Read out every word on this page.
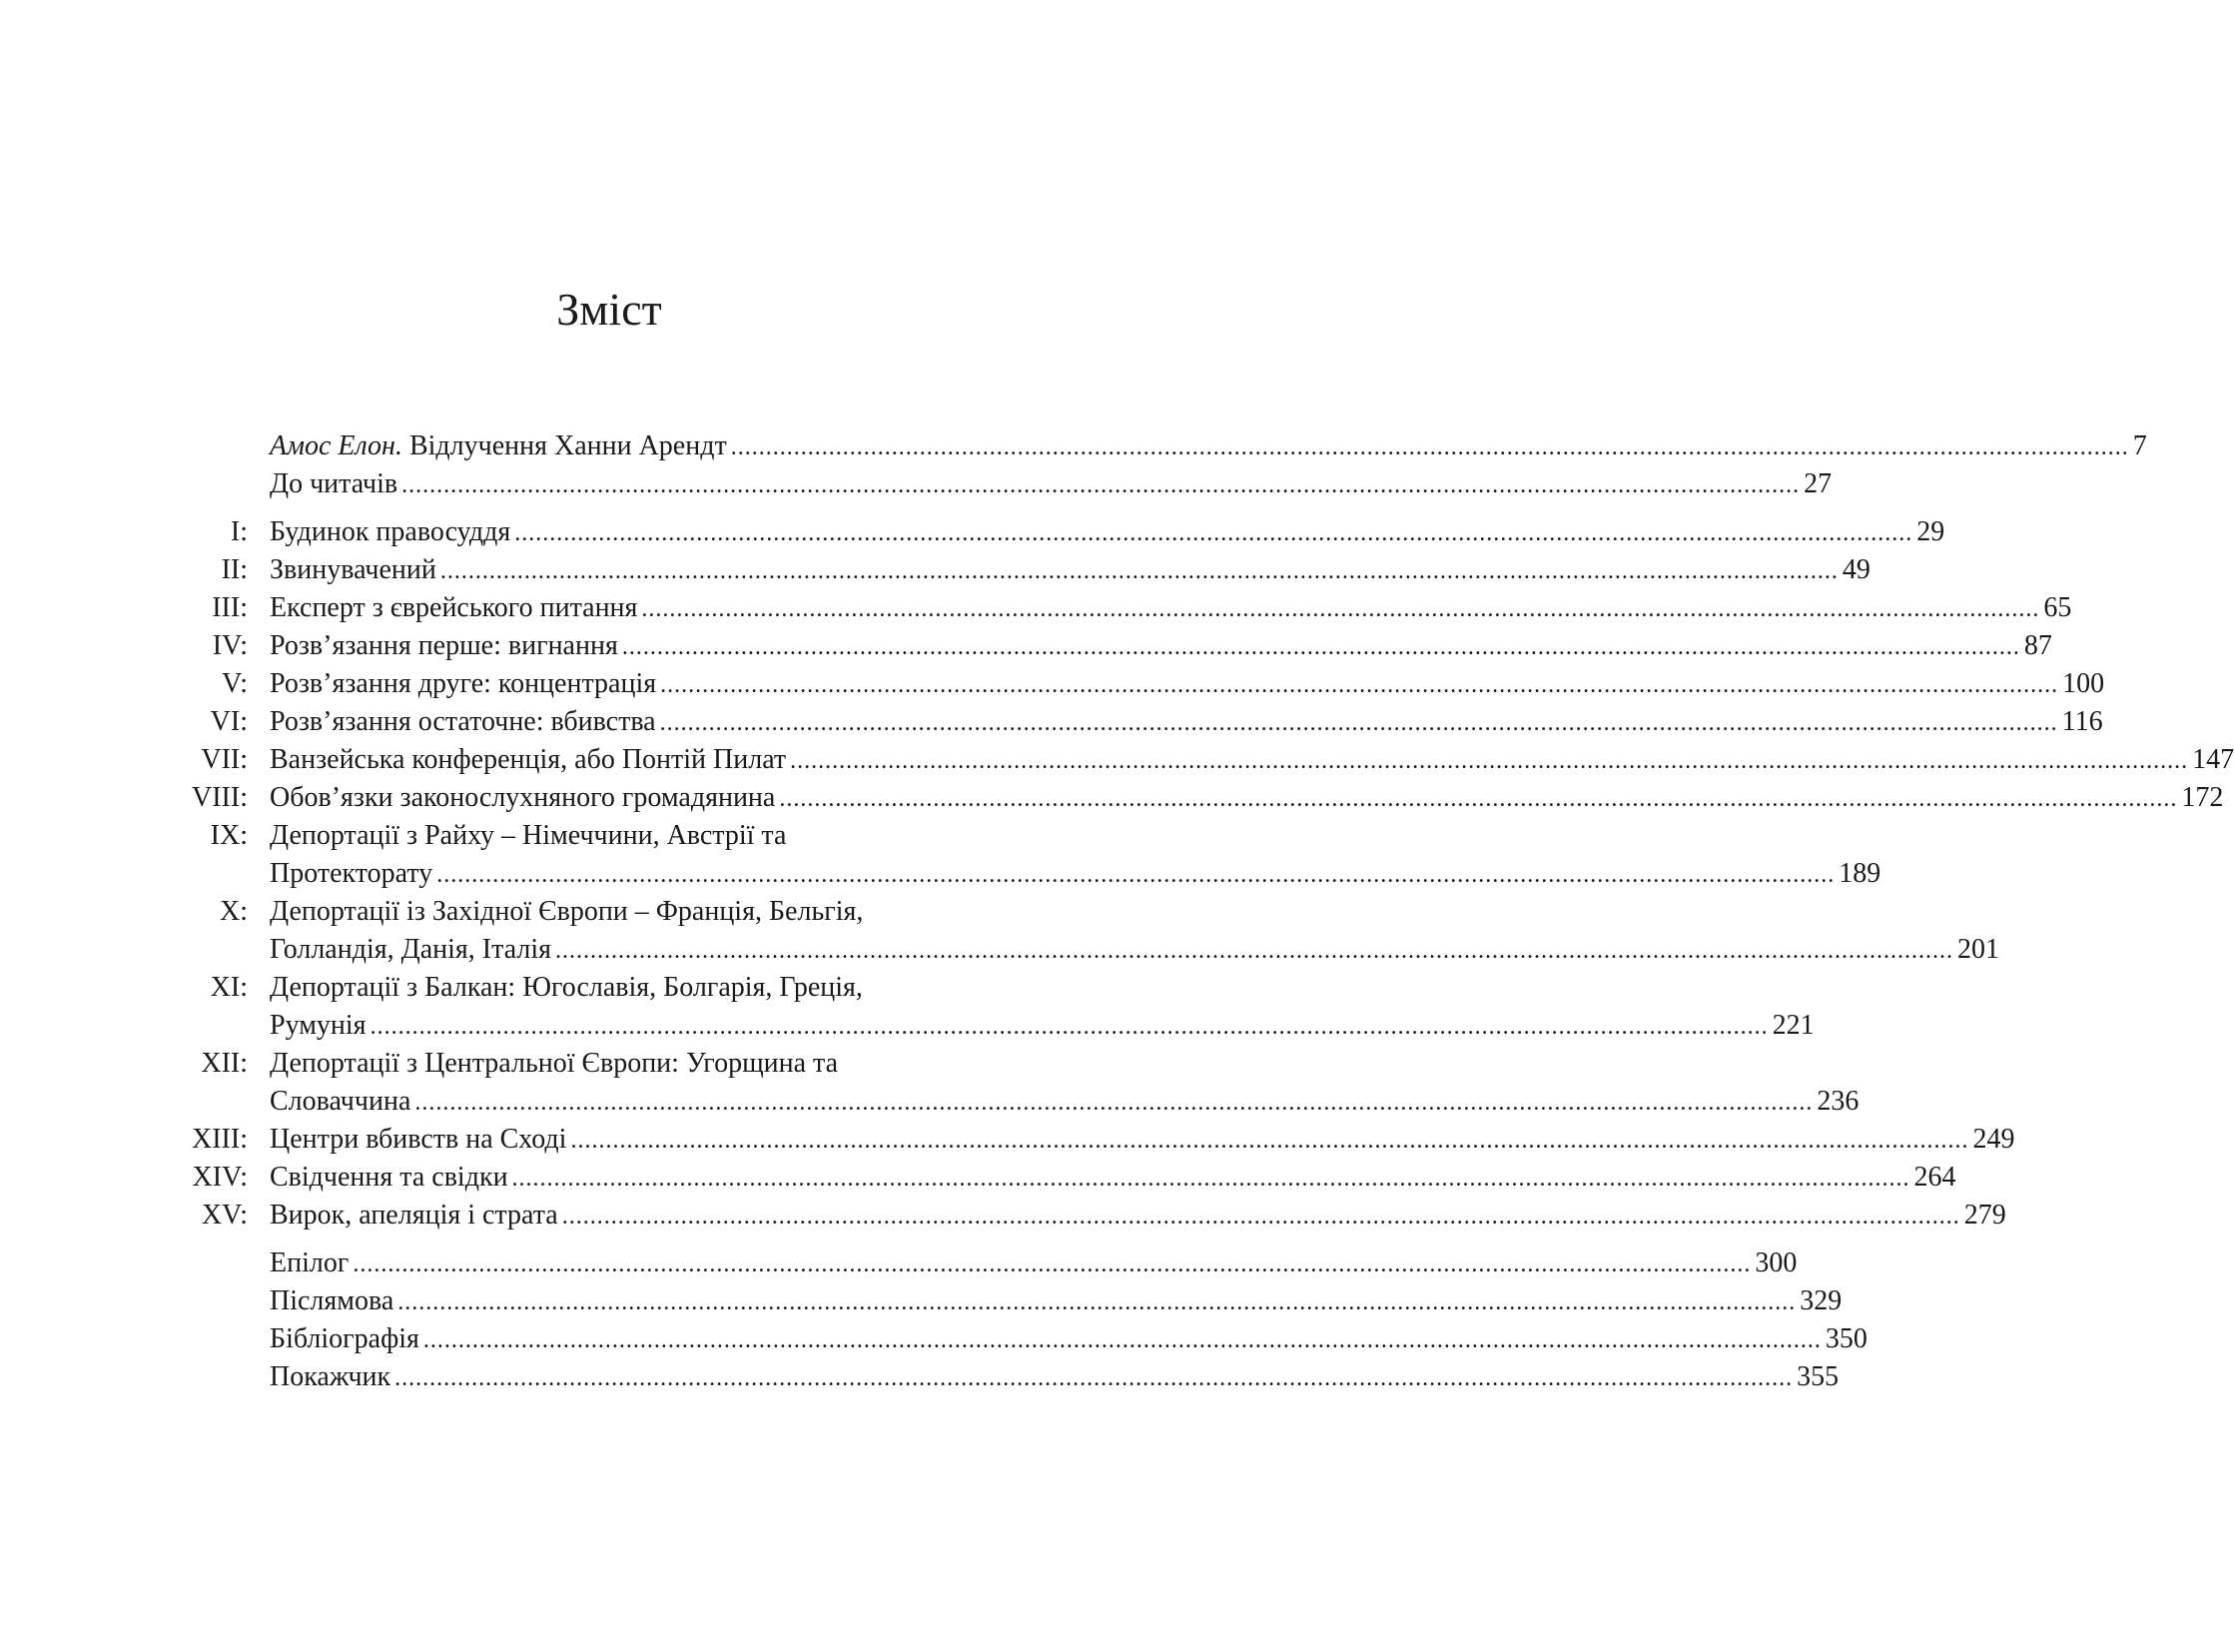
Зміст
Амос Елон. Відлучення Ханни Арендт ........................................................................................................................................................................................................ 7
До читачів ........................................................................................................................................................................................................ 27
I: Будинок правосуддя ........................................................................................................................................................................................................ 29
II: Звинувачений ........................................................................................................................................................................................................ 49
III: Експерт з єврейського питання ........................................................................................................................................................................................................ 65
IV: Розв’язання перше: вигнання ........................................................................................................................................................................................................ 87
V: Розв’язання друге: концентрація ........................................................................................................................................................................................................ 100
VI: Розв’язання остаточне: вбивства ........................................................................................................................................................................................................ 116
VII: Ванзейська конференція, або Понтій Пилат ........................................................................................................................................................................................................ 147
VIII: Обов’язки законослухняного громадянина ........................................................................................................................................................................................................ 172
IX: Депортації з Райху – Німеччини, Австрії та
Протекторату ........................................................................................................................................................................................................ 189
X: Депортації із Західної Європи – Франція, Бельгія,
Голландія, Данія, Італія ........................................................................................................................................................................................................ 201
XI: Депортації з Балкан: Югославія, Болгарія, Греція,
Румунія ........................................................................................................................................................................................................ 221
XII: Депортації з Центральної Європи: Угорщина та
Словаччина ........................................................................................................................................................................................................ 236
XIII: Центри вбивств на Сході ........................................................................................................................................................................................................ 249
XIV: Свідчення та свідки ........................................................................................................................................................................................................ 264
XV: Вирок, апеляція і страта ........................................................................................................................................................................................................ 279
Епілог ........................................................................................................................................................................................................ 300
Післямова ........................................................................................................................................................................................................ 329
Бібліографія ........................................................................................................................................................................................................ 350
Покажчик ........................................................................................................................................................................................................ 355
